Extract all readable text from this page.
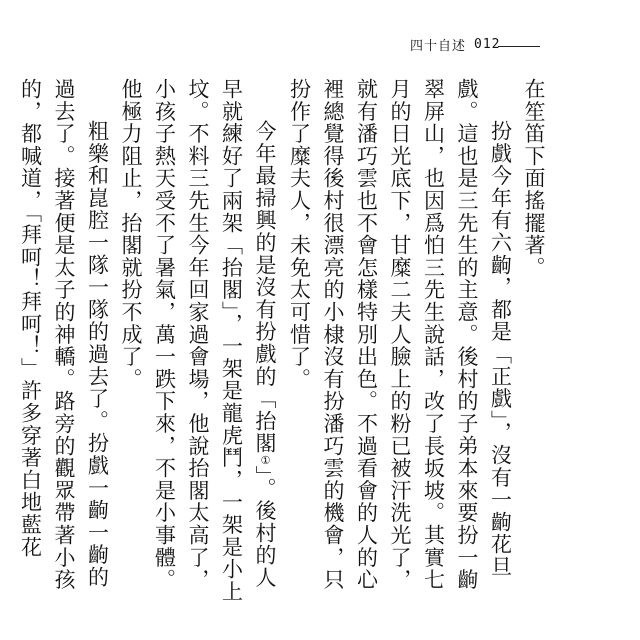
四十自述 012

在笙笛下面搖擺著。

扮戲今年有六齣，都是「正戲」，沒有一齣花旦戲。這也是三先生的主意。後村的子弟本來要扮一齣翠屏山，也因爲怕三先生說話，改了長坂坡。其實七月的日光底下，甘糜二夫人臉上的粉已被汗洗光了，就有潘巧雲也不會怎樣特別出色。不過看會的人的心裡總覺得後村很漂亮的小棣沒有扮潘巧雲的機會，只扮作了糜夫人，未免太可惜了。

今年最掃興的是沒有扮戲的「抬閣①」。後村的人早就練好了兩架「抬閣」，一架是龍虎鬥，一架是小上坟。不料三先生今年回家過會場，他說抬閣太高了，小孩子熱天受不了暑氣，萬一跌下來，不是小事體。他極力阻止，抬閣就扮不成了。

粗樂和崑腔一隊一隊的過去了。扮戲一齣一齣的過去了。接著便是太子的神轎。路旁的觀眾帶著小孩的，都喊道，「拜呵！拜呵！」許多穿著白地藍花
